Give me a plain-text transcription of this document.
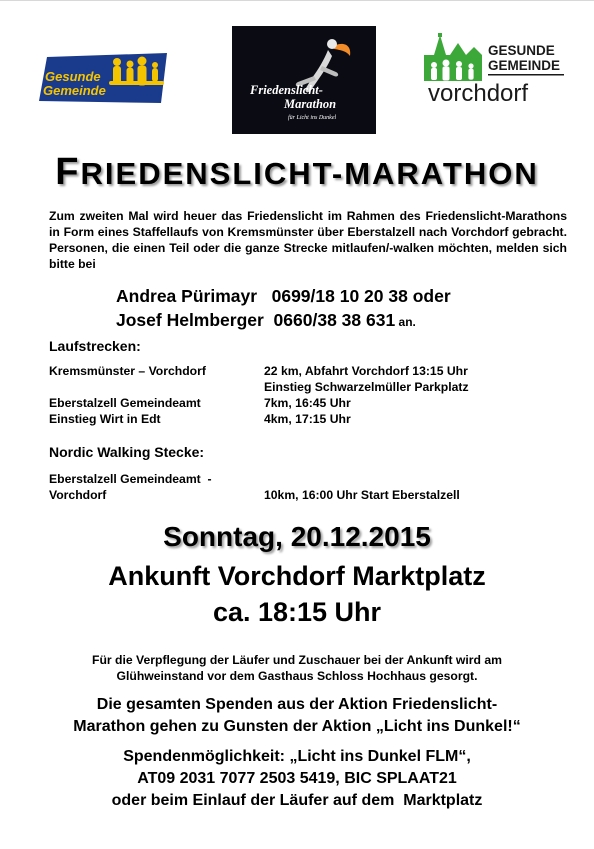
Gesunde
Gemeinde	Friedenslicht-
Marathon
für Licht ins Dunkel
GESUNDE
GEMEINDE
vorchdorf
FRIEDENSLICHT-MARATHON
Zum zweiten Mal wird heuer das Friedenslicht im Rahmen des Friedenslicht-Marathons in Form eines Staffellaufs von Kremsmünster über Eberstalzell nach Vorchdorf gebracht. Personen, die einen Teil oder die ganze Strecke mitlaufen/-walken möchten, melden sich bitte bei
Andrea Pürimayr   0699/18 10 20 38 oder
Josef Helmberger  0660/38 38 631 an.
Laufstrecken:
Kremsmünster – Vorchdorf	22 km, Abfahrt Vorchdorf 13:15 Uhr
Einstieg Schwarzelmüller Parkplatz
Eberstalzell Gemeindeamt	7km, 16:45 Uhr
Einstieg Wirt in Edt	4km, 17:15 Uhr
Nordic Walking Stecke:
Eberstalzell Gemeindeamt  -
Vorchdorf	10km, 16:00 Uhr Start Eberstalzell
Sonntag, 20.12.2015
Ankunft Vorchdorf Marktplatz
ca. 18:15 Uhr
Für die Verpflegung der Läufer und Zuschauer bei der Ankunft wird am
Glühweinstand vor dem Gasthaus Schloss Hochhaus gesorgt.
Die gesamten Spenden aus der Aktion Friedenslicht-
Marathon gehen zu Gunsten der Aktion „Licht ins Dunkel!“
Spendenmöglichkeit: „Licht ins Dunkel FLM“,
AT09 2031 7077 2503 5419, BIC SPLAAT21
oder beim Einlauf der Läufer auf dem  Marktplatz
